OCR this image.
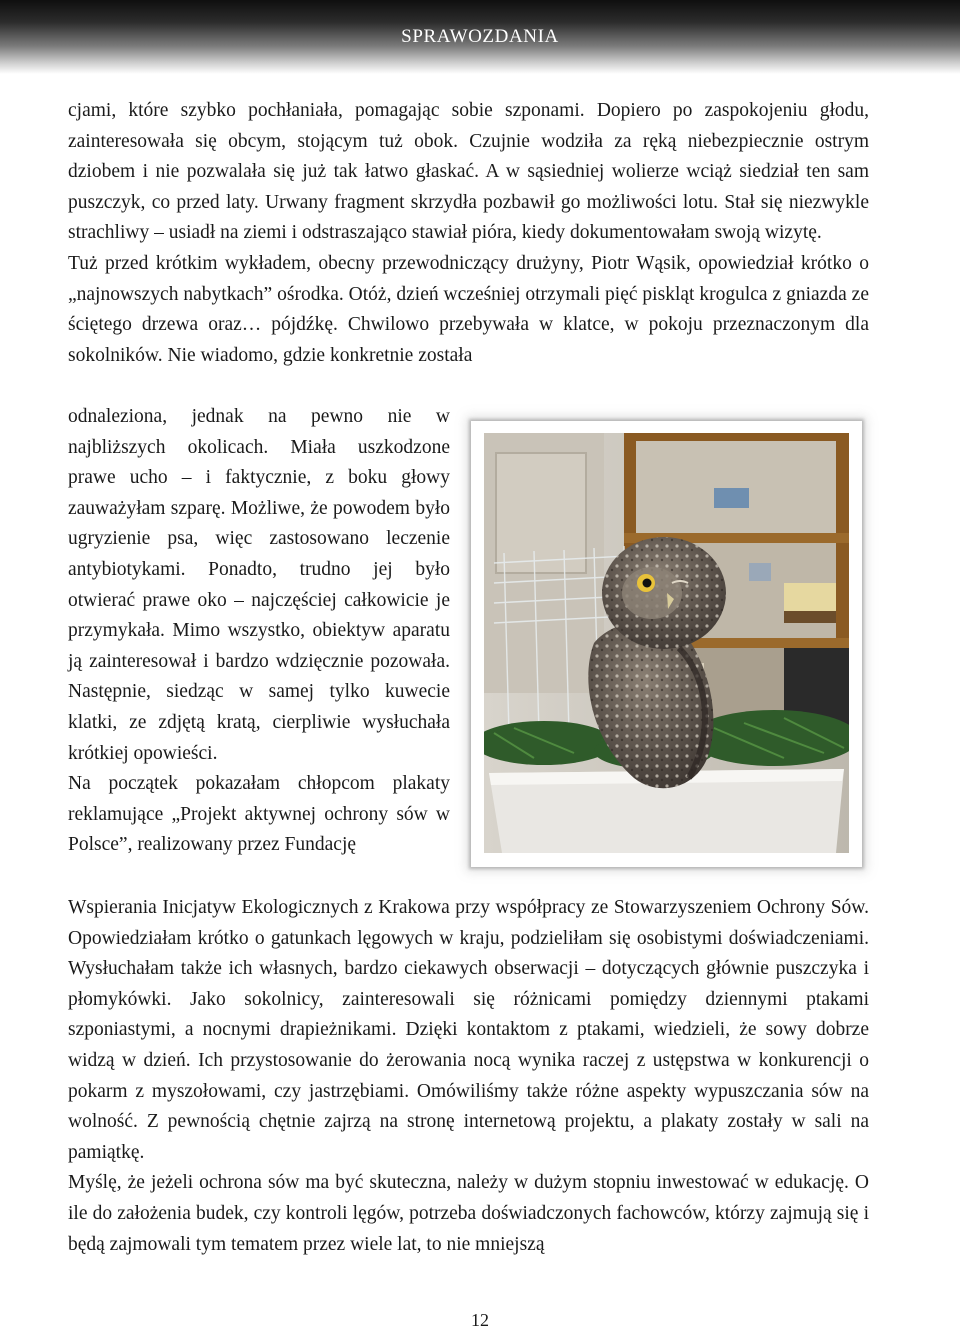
SPRAWOZDANIA

cjami, które szybko pochłaniała, pomagając sobie szponami. Dopiero po zaspokojeniu głodu, zainteresowała się obcym, stojącym tuż obok. Czujnie wodziła za ręką niebezpiecznie ostrym dziobem i nie pozwalała się już tak łatwo głaskać. A w sąsiedniej wolierze wciąż siedział ten sam puszczyk, co przed laty. Urwany fragment skrzydła pozbawił go możliwości lotu. Stał się niezwykle strachliwy – usiadł na ziemi i odstraszająco stawiał pióra, kiedy dokumentowałam swoją wizytę.

Tuż przed krótkim wykładem, obecny przewodniczący drużyny, Piotr Wąsik, opowiedział krótko o „najnowszych nabytkach” ośrodka. Otóż, dzień wcześniej otrzymali pięć piskląt krogulca z gniazda ze ściętego drzewa oraz… pójdźkę. Chwilowo przebywała w klatce, w pokoju przeznaczonym dla sokolników. Nie wiadomo, gdzie konkretnie została

odnaleziona, jednak na pewno nie w najbliższych okolicach. Miała uszkodzone prawe ucho – i faktycznie, z boku głowy zauważyłam szparę. Możliwe, że powodem było ugryzienie psa, więc zastosowano leczenie antybiotykami. Ponadto, trudno jej było otwierać prawe oko – najczęściej całkowicie je przymykała. Mimo wszystko, obiektyw aparatu ją zainteresował i bardzo wdzięcznie pozowała. Następnie, siedząc w samej tylko kuwecie klatki, ze zdjętą kratą, cierpliwie wysłuchała krótkiej opowieści.

Na początek pokazałam chłopcom plakaty reklamujące „Projekt aktywnej ochrony sów w Polsce”, realizowany przez Fundację

Wspierania Inicjatyw Ekologicznych z Krakowa przy współpracy ze Stowarzyszeniem Ochrony Sów. Opowiedziałam krótko o gatunkach lęgowych w kraju, podzieliłam się osobistymi doświadczeniami. Wysłuchałam także ich własnych, bardzo ciekawych obserwacji – dotyczących głównie puszczyka i płomykówki. Jako sokolnicy, zainteresowali się różnicami pomiędzy dziennymi ptakami szponiastymi, a nocnymi drapieżnikami. Dzięki kontaktom z ptakami, wiedzieli, że sowy dobrze widzą w dzień. Ich przystosowanie do żerowania nocą wynika raczej z ustępstwa w konkurencji o pokarm z myszołowami, czy jastrzębiami. Omówiliśmy także różne aspekty wypuszczania sów na wolność. Z pewnością chętnie zajrzą na stronę internetową projektu, a plakaty zostały w sali na pamiątkę.

Myślę, że jeżeli ochrona sów ma być skuteczna, należy w dużym stopniu inwestować w edukację. O ile do założenia budek, czy kontroli lęgów, potrzeba doświadczonych fachowców, którzy zajmują się i będą zajmowali tym tematem przez wiele lat, to nie mniejszą

12
